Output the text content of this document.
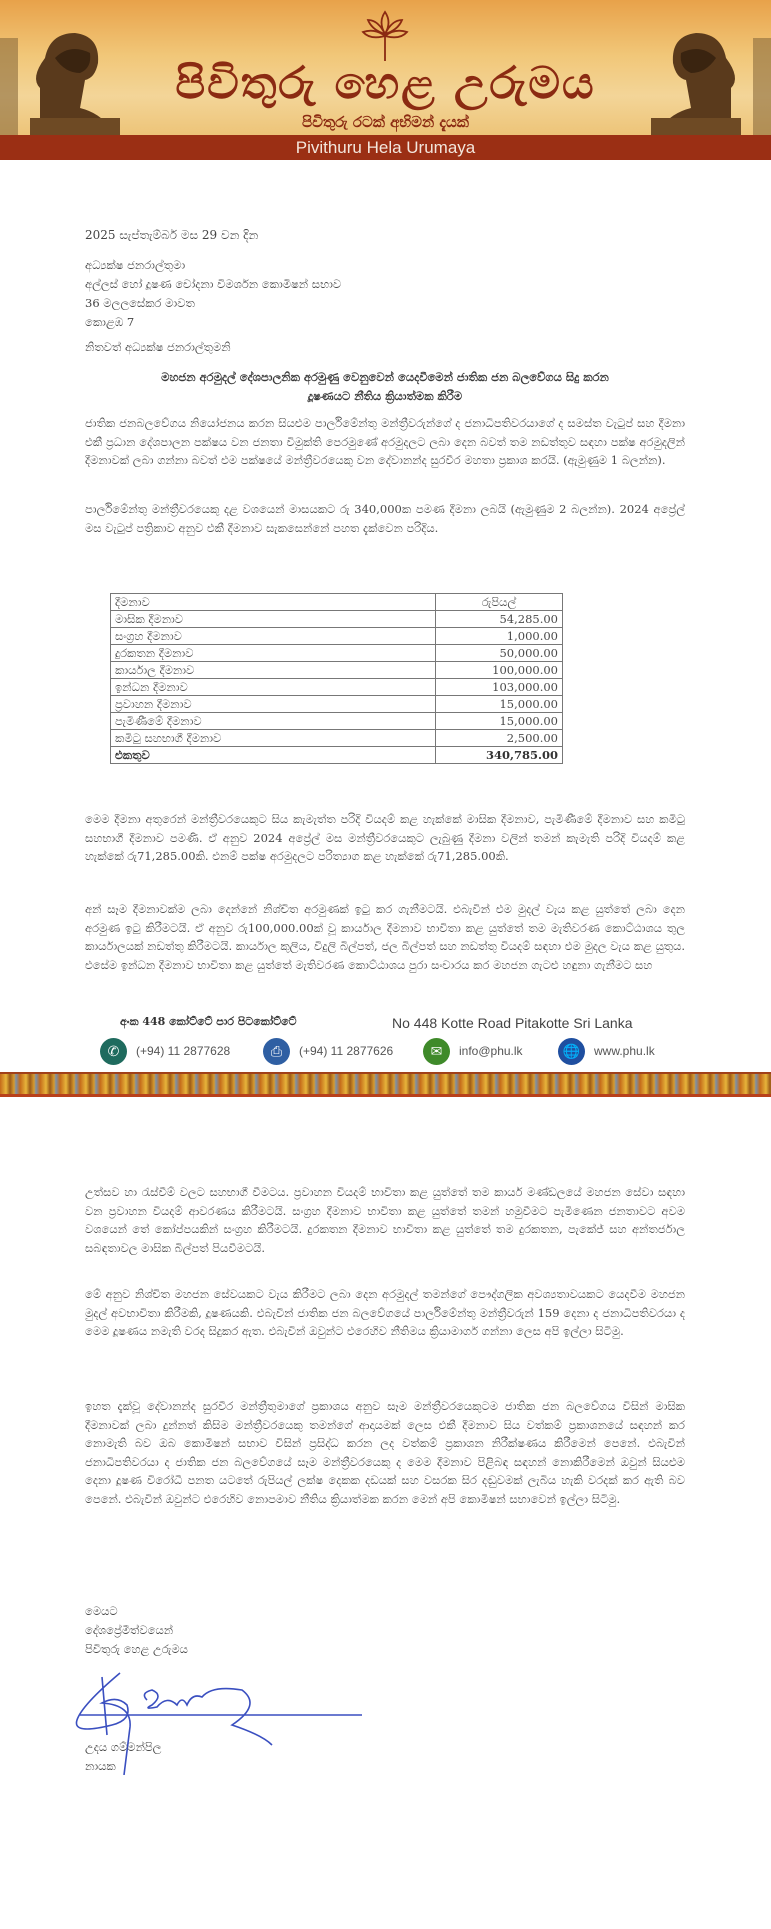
පිවිතුරු හෙළ උරුමය
පිවිතුරු රටක් අභිමන් දැයක්
Pivithuru Hela Urumaya
2025 සැප්තැම්බර් මස 29 වන දින
අධ්‍යක්ෂ ජනරාල්තුමා
අල්ලස් හෝ දූෂණ චෝදනා විමර්ශන කොමිෂන් සභාව
36 මලලසේකර මාවත
කොළඹ 7
නිතවත් අධ්‍යක්ෂ ජනරාල්තුමනි
මහජන අරමුදල් දේශපාලනික අරමුණු වෙනුවෙන් යෙදවීමෙන් ජාතික ජන බලවේගය සිදු කරන
දූෂණයට නීතිය ක්‍රියාත්මක කිරීම
ජාතික ජනබලවේගය නියෝජනය කරන සියළුම පාර්ලිමේන්තු මන්ත්‍රීවරුන්ගේ ද ජනාධිපතිවරයාගේ ද සමස්ත වැටුප් සහ දීමනා එකී ප්‍රධාන දේශපාලන පක්ෂය වන ජනතා විමුක්ති පෙරමුණේ අරමුදලට ලබා දෙන බවත් තම නඩත්තුව සඳහා පක්ෂ අරමුදලින් දීමනාවක් ලබා ගන්නා බවත් එම පක්ෂයේ මන්ත්‍රීවරයෙකු වන දේවානන්ද සුරවීර මහතා ප්‍රකාශ කරයි. (ඇමුණුම 1 බලන්න).
පාර්ලිමේන්තු මන්ත්‍රීවරයෙකු දළ වශයෙන් මාසයකට රු 340,000ක පමණ දීමනා ලබයි (ඇමුණුම 2 බලන්න). 2024 අප්‍රේල් මස වැටුප් පත්‍රිකාව අනුව එකී දීමනාව සැකසෙන්නේ පහත දැක්වෙන පරිදිය.
දීමනාව	රුපියල්
මාසික දීමනාව	54,285.00
සංග්‍රහ දීමනාව	1,000.00
දුරකතන දීමනාව	50,000.00
කාර්යාල දීමනාව	100,000.00
ඉන්ධන දීමනාව	103,000.00
ප්‍රවාහන දීමනාව	15,000.00
පැමිණීමේ දීමනාව	15,000.00
කමිටු සහභාගී දීමනාව	2,500.00
එකතුව	340,785.00
මෙම දීමනා අතුරෙන් මන්ත්‍රීවරයෙකුට සිය කැමැත්ත පරිදි වියදම් කළ හැක්කේ මාසික දීමනාව, පැමිණීමේ දීමනාව සහ කමිටු සහභාගී දීමනාව පමණි. ඒ අනුව 2024 අප්‍රේල් මස මන්ත්‍රීවරයෙකුට ලැබුණු දීමනා වලින් තමන් කැමැති පරිදි වියදම් කළ හැක්කේ රු71,285.00කි. එනම් පක්ෂ අරමුදලට පරිත්‍යාග කළ හැක්කේ රු71,285.00කි.
අන් සෑම දීමනාවක්ම ලබා දෙන්නේ නිශ්චිත අරමුණක් ඉටු කර ගැනීමටයි. එබැවින් එම මුදල් වැය කළ යුත්තේ ලබා දෙන අරමුණ ඉටු කිරීමටයි. ඒ අනුව රු100,000.00ක් වූ කාර්යාල දීමනාව භාවිතා කළ යුත්තේ තම මැතිවරණ කොට්ඨාශය තුල කාර්යාලයක් නඩත්තු කිරීමටයි. කාර්යාල කුලිය, විදුලි බිල්පත්, ජල බිල්පත් සහ නඩත්තු වියදම් සඳහා එම මුදල වැය කළ යුතුය. එසේම ඉන්ධන දීමනාව භාවිතා කළ යුත්තේ මැතිවරණ කොට්ඨාශය පුරා සංචාරය කර මහජන ගැටළු හඳුනා ගැනීමට සහ
අංක 448 කෝට්ටේ පාර පිටකෝට්ටේ	No 448 Kotte Road Pitakotte Sri Lanka
✆	(+94) 11 2877628	⎙	(+94) 11 2877626	✉	info@phu.lk	🌐	www.phu.lk
උත්සව හා රැස්වීම් වලට සහභාගී වීමටය. ප්‍රවාහන වියදම් භාවිතා කළ යුත්තේ තම කාර්ය මණ්ඩලයේ මහජන සේවා සඳහා වන ප්‍රවාහන වියදම් ආවරණය කිරීමටයි. සංග්‍රහ දීමනාව භාවිතා කළ යුත්තේ තමන් හමුවීමට පැමිණෙන ජනතාවට අවම වශයෙන් තේ කෝප්පයකින් සංග්‍රහ කිරීමටයි. දුරකතන දීමනාව භාවිතා කළ යුත්තේ තම දුරකතන, පැකේජ් සහ අන්තර්ජාල සබඳතාවල මාසික බිල්පත් පියවීමටයි.
මේ අනුව නිශ්චිත මහජන සේවයකට වැය කිරීමට ලබා දෙන අරමුදල් තමන්ගේ පෞද්ගලික අවශ්‍යතාවයකට යෙදවීම මහජන මුදල් අවභාවිතා කිරීමකි, දූෂණයකි. එබැවින් ජාතික ජන බලවේගයේ පාර්ලිමේන්තු මන්ත්‍රීවරුන් 159 දෙනා ද ජනාධිපතිවරයා ද මෙම දූෂණය නමැති වරද සිදුකර ඇත. එබැවින් ඔවුන්ට එරෙහිව නීතිමය ක්‍රියාමාර්ග ගන්නා ලෙස අපි ඉල්ලා සිටිමු.
ඉහත දැක්වූ දේවානන්ද සුරවීර මන්ත්‍රීතුමාගේ ප්‍රකාශය අනුව සෑම මන්ත්‍රීවරයෙකුටම ජාතික ජන බලවේගය විසින් මාසික දීමනාවක් ලබා දුන්නත් කිසිම මන්ත්‍රීවරයෙකු තමන්ගේ ආදායමක් ලෙස එකී දීමනාව සිය වත්කම් ප්‍රකාශනයේ සඳහන් කර නොමැති බව ඔබ කොමිෂන් සභාව විසින් ප්‍රසිද්ධ කරන ලද වත්කම් ප්‍රකාශන නිරීක්ෂණය කිරීමෙන් පෙනේ. එබැවින් ජනාධිපතිවරයා ද ජාතික ජන බලවේගයේ සෑම මන්ත්‍රීවරයෙකු ද මෙම දීමනාව පිළිබඳ සඳහන් නොකිරීමෙන් ඔවුන් සියළුම දෙනා දූෂණ විරෝධී පනත යටතේ රුපියල් ලක්ෂ දෙකක දඩයක් සහ වසරක සිර දඬුවමක් ලැබිය හැකි වරදක් කර ඇති බව පෙනේ. එබැවින් ඔවුන්ට එරෙහිව නොපමාව නීතිය ක්‍රියාත්මක කරන මෙන් අපි කොමිෂන් සභාවෙන් ඉල්ලා සිටිමු.
මෙයට
දේශප්‍රේමීත්වයෙන්
පිවිතුරු හෙළ උරුමය
උදය ගම්මන්පිල
නායක
